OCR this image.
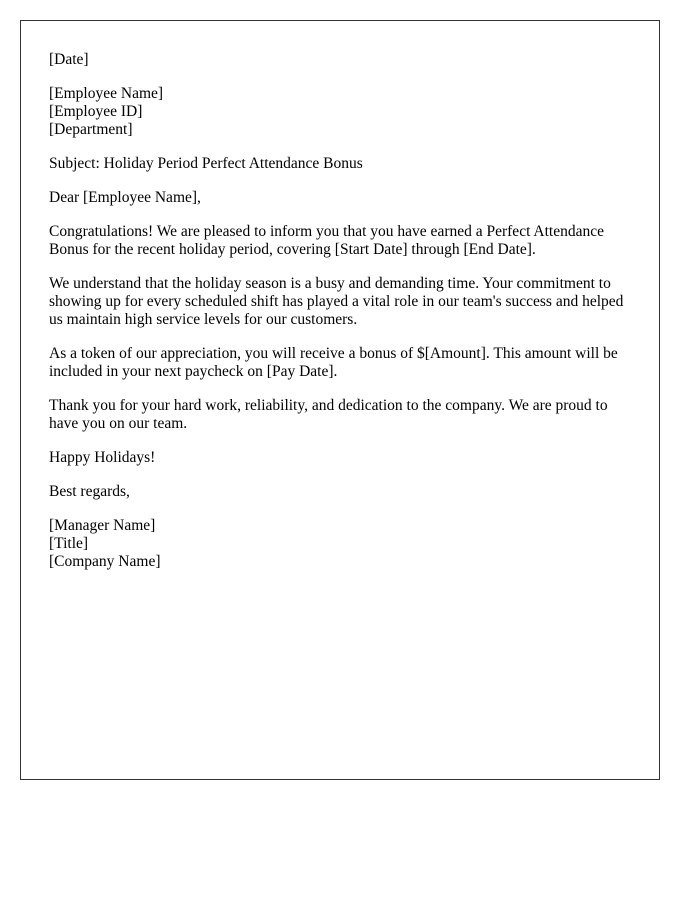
[Date]

[Employee Name]
[Employee ID]
[Department]

Subject: Holiday Period Perfect Attendance Bonus

Dear [Employee Name],

Congratulations! We are pleased to inform you that you have earned a Perfect Attendance Bonus for the recent holiday period, covering [Start Date] through [End Date].

We understand that the holiday season is a busy and demanding time. Your commitment to showing up for every scheduled shift has played a vital role in our team's success and helped us maintain high service levels for our customers.

As a token of our appreciation, you will receive a bonus of $[Amount]. This amount will be included in your next paycheck on [Pay Date].

Thank you for your hard work, reliability, and dedication to the company. We are proud to have you on our team.

Happy Holidays!

Best regards,

[Manager Name]
[Title]
[Company Name]
